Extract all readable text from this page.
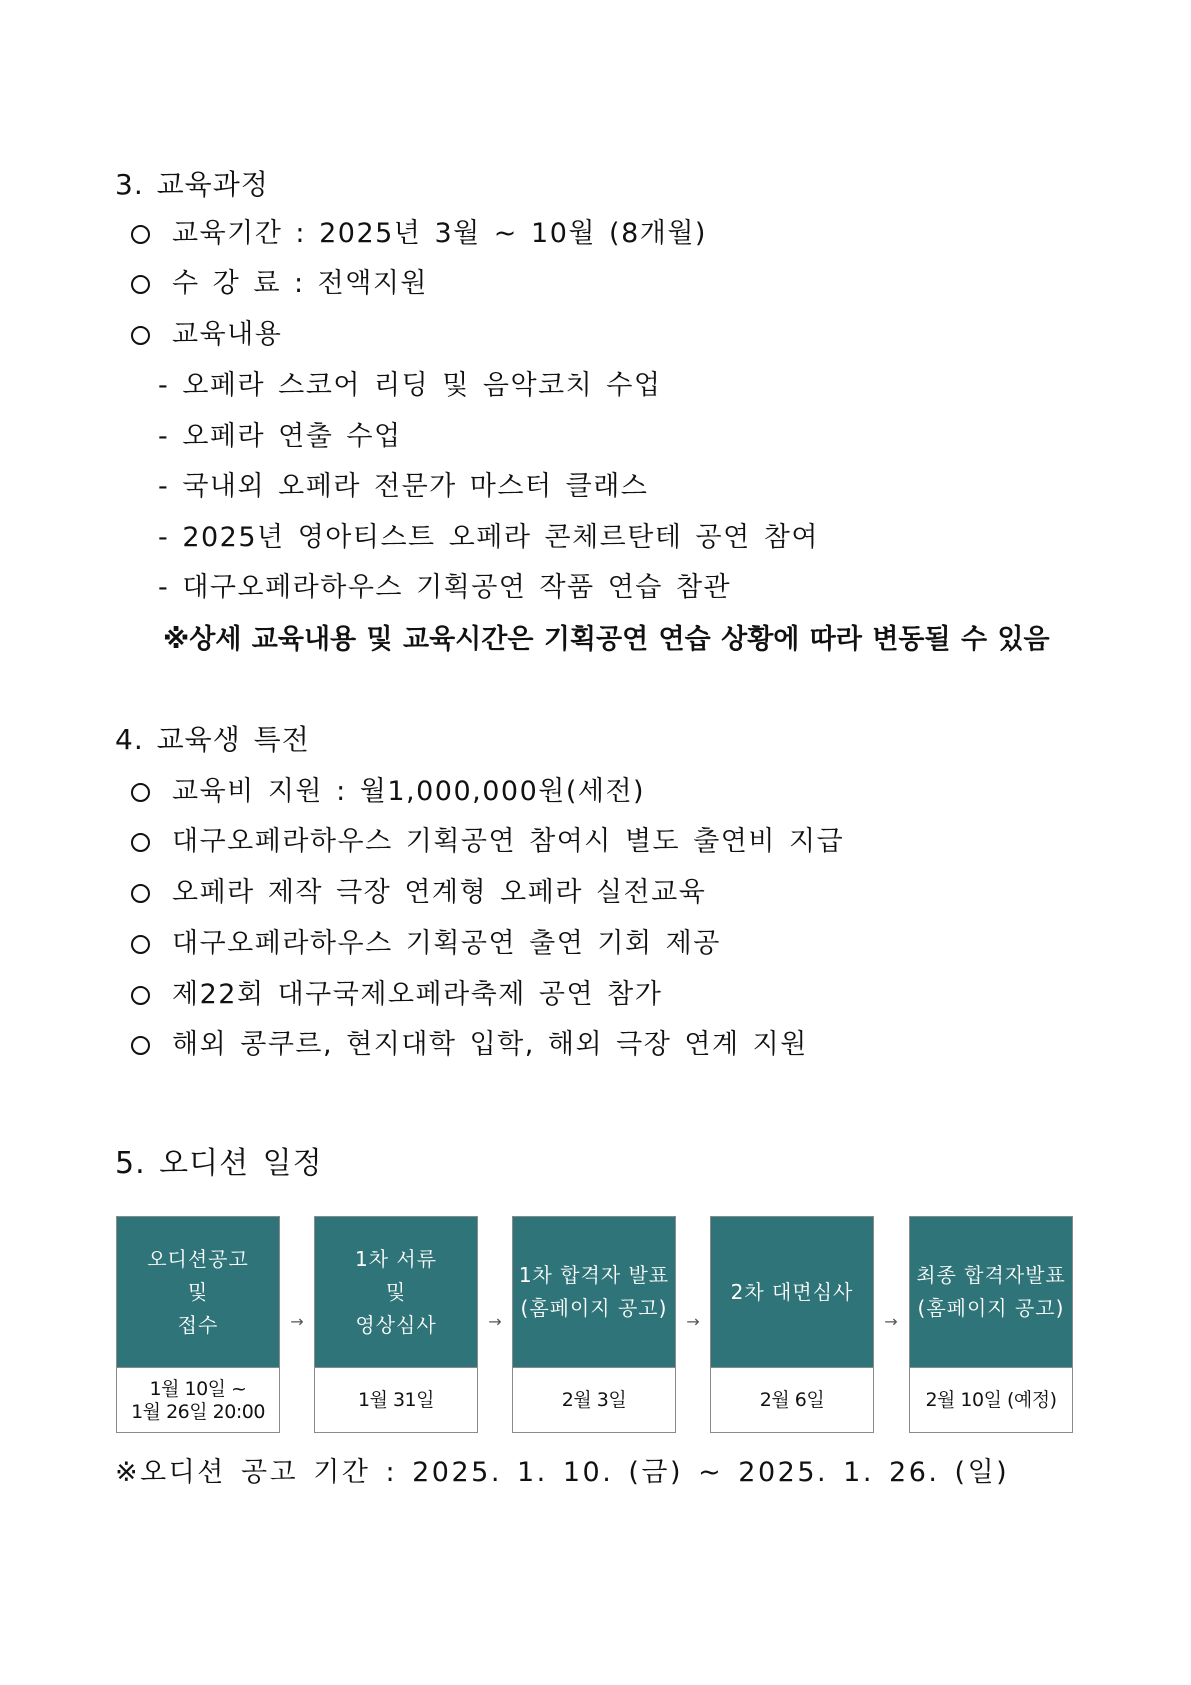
3. 교육과정
교육기간 : 2025년 3월 ~ 10월 (8개월)
수 강 료 : 전액지원
교육내용
- 오페라 스코어 리딩 및 음악코치 수업
- 오페라 연출 수업
- 국내외 오페라 전문가 마스터 클래스
- 2025년 영아티스트 오페라 콘체르탄테 공연 참여
- 대구오페라하우스 기획공연 작품 연습 참관
※상세 교육내용 및 교육시간은 기획공연 연습 상황에 따라 변동될 수 있음
4. 교육생 특전
교육비 지원 : 월1,000,000원(세전)
대구오페라하우스 기획공연 참여시 별도 출연비 지급
오페라 제작 극장 연계형 오페라 실전교육
대구오페라하우스 기획공연 출연 기회 제공
제22회 대구국제오페라축제 공연 참가
해외 콩쿠르, 현지대학 입학, 해외 극장 연계 지원
5. 오디션 일정
오디션공고
및
접수
1월 10일 ~
1월 26일 20:00
→
1차 서류
및
영상심사
1월 31일
→
1차 합격자 발표
(홈페이지 공고)
2월 3일
→
2차 대면심사
2월 6일
→
최종 합격자발표
(홈페이지 공고)
2월 10일 (예정)
※오디션 공고 기간 : 2025. 1. 10. (금) ~ 2025. 1. 26. (일)
